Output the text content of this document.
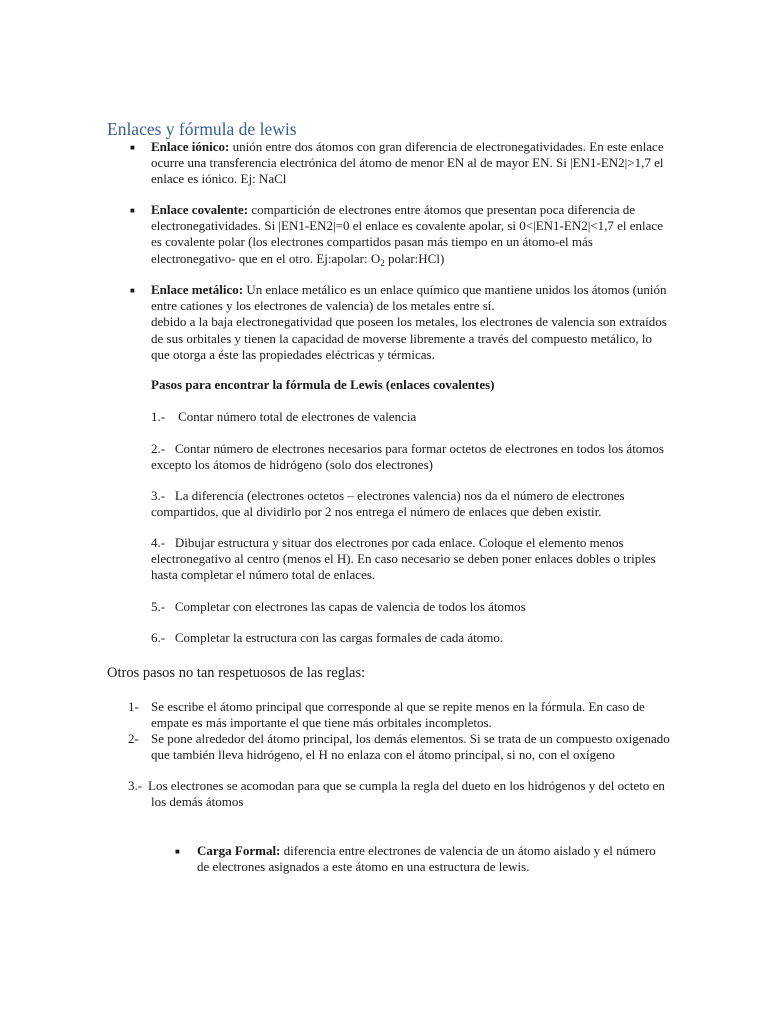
Enlaces y fórmula de lewis
■ Enlace iónico: unión entre dos átomos con gran diferencia de electronegatividades. En este enlace ocurre una transferencia electrónica del átomo de menor EN al de mayor EN. Si |EN1-EN2|>1,7 el enlace es iónico. Ej: NaCl
■ Enlace covalente: compartición de electrones entre átomos que presentan poca diferencia de electronegatividades. Si |EN1-EN2|=0 el enlace es covalente apolar, si 0<|EN1-EN2|<1,7 el enlace es covalente polar (los electrones compartidos pasan más tiempo en un átomo-el más electronegativo- que en el otro. Ej:apolar: $O_2$ polar:HCl)
■ Enlace metálico: Un enlace metálico es un enlace químico que mantiene unidos los átomos (unión entre cationes y los electrones de valencia) de los metales entre sí.
debido a la baja electronegatividad que poseen los metales, los electrones de valencia son extraídos de sus orbitales y tienen la capacidad de moverse libremente a través del compuesto metálico, lo que otorga a éste las propiedades eléctricas y térmicas.
Pasos para encontrar la fórmula de Lewis (enlaces covalentes)
1.- Contar número total de electrones de valencia
2.- Contar número de electrones necesarios para formar octetos de electrones en todos los átomos excepto los átomos de hidrógeno (solo dos electrones)
3.- La diferencia (electrones octetos – electrones valencia) nos da el número de electrones compartidos, que al dividirlo por 2 nos entrega el número de enlaces que deben existir.
4.- Dibujar estructura y situar dos electrones por cada enlace. Coloque el elemento menos electronegativo al centro (menos el H). En caso necesario se deben poner enlaces dobles o triples hasta completar el número total de enlaces.
5.- Completar con electrones las capas de valencia de todos los átomos
6.- Completar la estructura con las cargas formales de cada átomo.
Otros pasos no tan respetuosos de las reglas:
1- Se escribe el átomo principal que corresponde al que se repite menos en la fórmula. En caso de empate es más importante el que tiene más orbitales incompletos.
2- Se pone alrededor del átomo principal, los demás elementos. Si se trata de un compuesto oxigenado que también lleva hidrógeno, el H no enlaza con el átomo principal, si no, con el oxígeno
3.- Los electrones se acomodan para que se cumpla la regla del dueto en los hidrógenos y del octeto en los demás átomos
■ Carga Formal: diferencia entre electrones de valencia de un átomo aislado y el número de electrones asignados a este átomo en una estructura de lewis.
